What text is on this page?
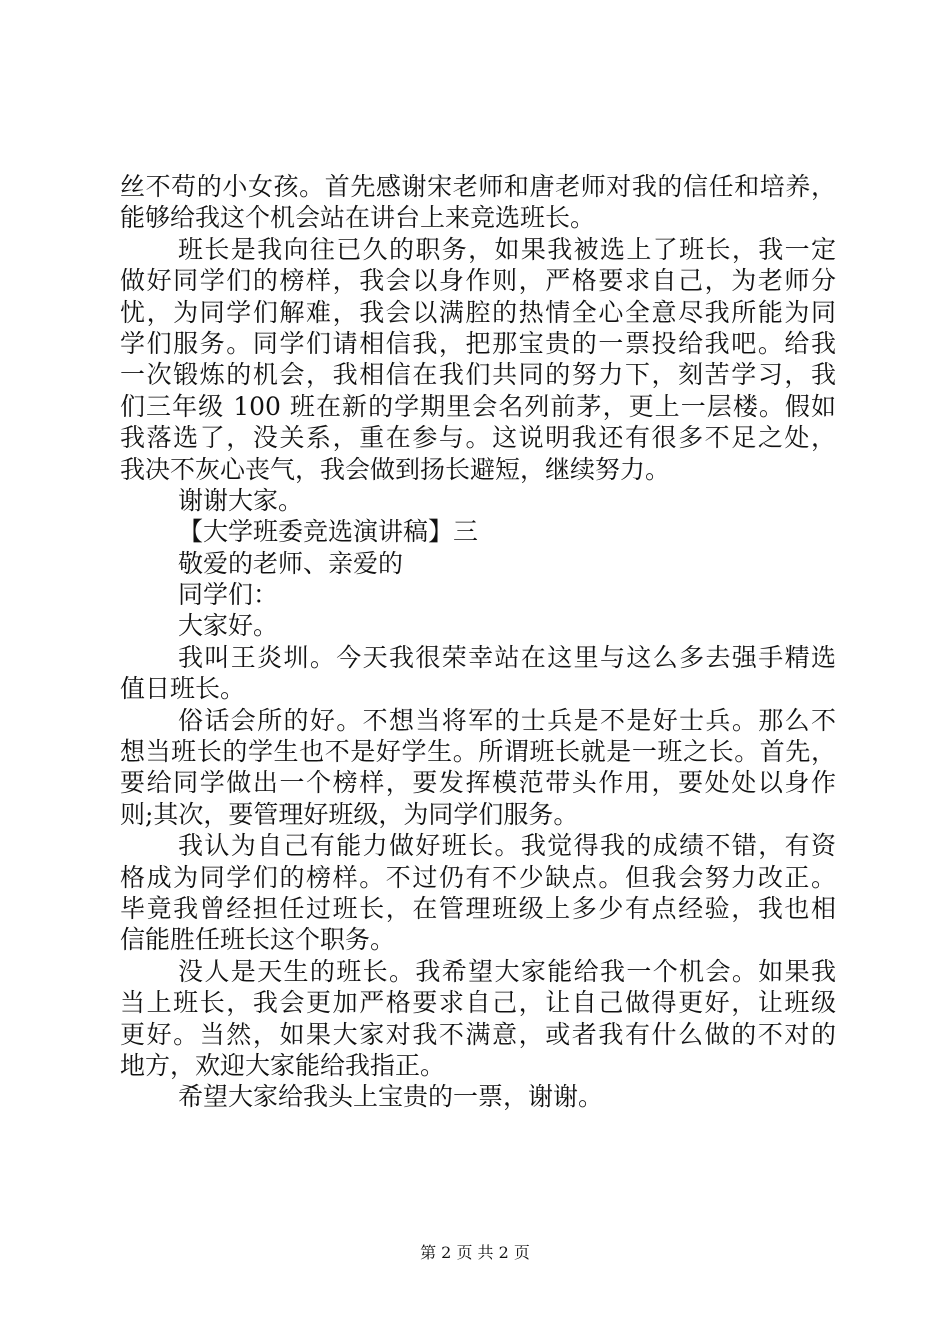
丝不苟的小女孩。首先感谢宋老师和唐老师对我的信任和培养，
能够给我这个机会站在讲台上来竞选班长。
班长是我向往已久的职务，如果我被选上了班长，我一定
做好同学们的榜样，我会以身作则，严格要求自己，为老师分
忧，为同学们解难，我会以满腔的热情全心全意尽我所能为同
学们服务。同学们请相信我，把那宝贵的一票投给我吧。给我
一次锻炼的机会，我相信在我们共同的努力下，刻苦学习，我
们三年级 100 班在新的学期里会名列前茅，更上一层楼。假如
我落选了，没关系，重在参与。这说明我还有很多不足之处，
我决不灰心丧气，我会做到扬长避短，继续努力。
谢谢大家。
【大学班委竞选演讲稿】三
敬爱的老师、亲爱的
同学们：
大家好。
我叫王炎圳。今天我很荣幸站在这里与这么多去强手精选
值日班长。
俗话会所的好。不想当将军的士兵是不是好士兵。那么不
想当班长的学生也不是好学生。所谓班长就是一班之长。首先，
要给同学做出一个榜样，要发挥模范带头作用，要处处以身作
则;其次，要管理好班级，为同学们服务。
我认为自己有能力做好班长。我觉得我的成绩不错，有资
格成为同学们的榜样。不过仍有不少缺点。但我会努力改正。
毕竟我曾经担任过班长，在管理班级上多少有点经验，我也相
信能胜任班长这个职务。
没人是天生的班长。我希望大家能给我一个机会。如果我
当上班长，我会更加严格要求自己，让自己做得更好，让班级
更好。当然，如果大家对我不满意，或者我有什么做的不对的
地方，欢迎大家能给我指正。
希望大家给我头上宝贵的一票，谢谢。
第 2 页 共 2 页
